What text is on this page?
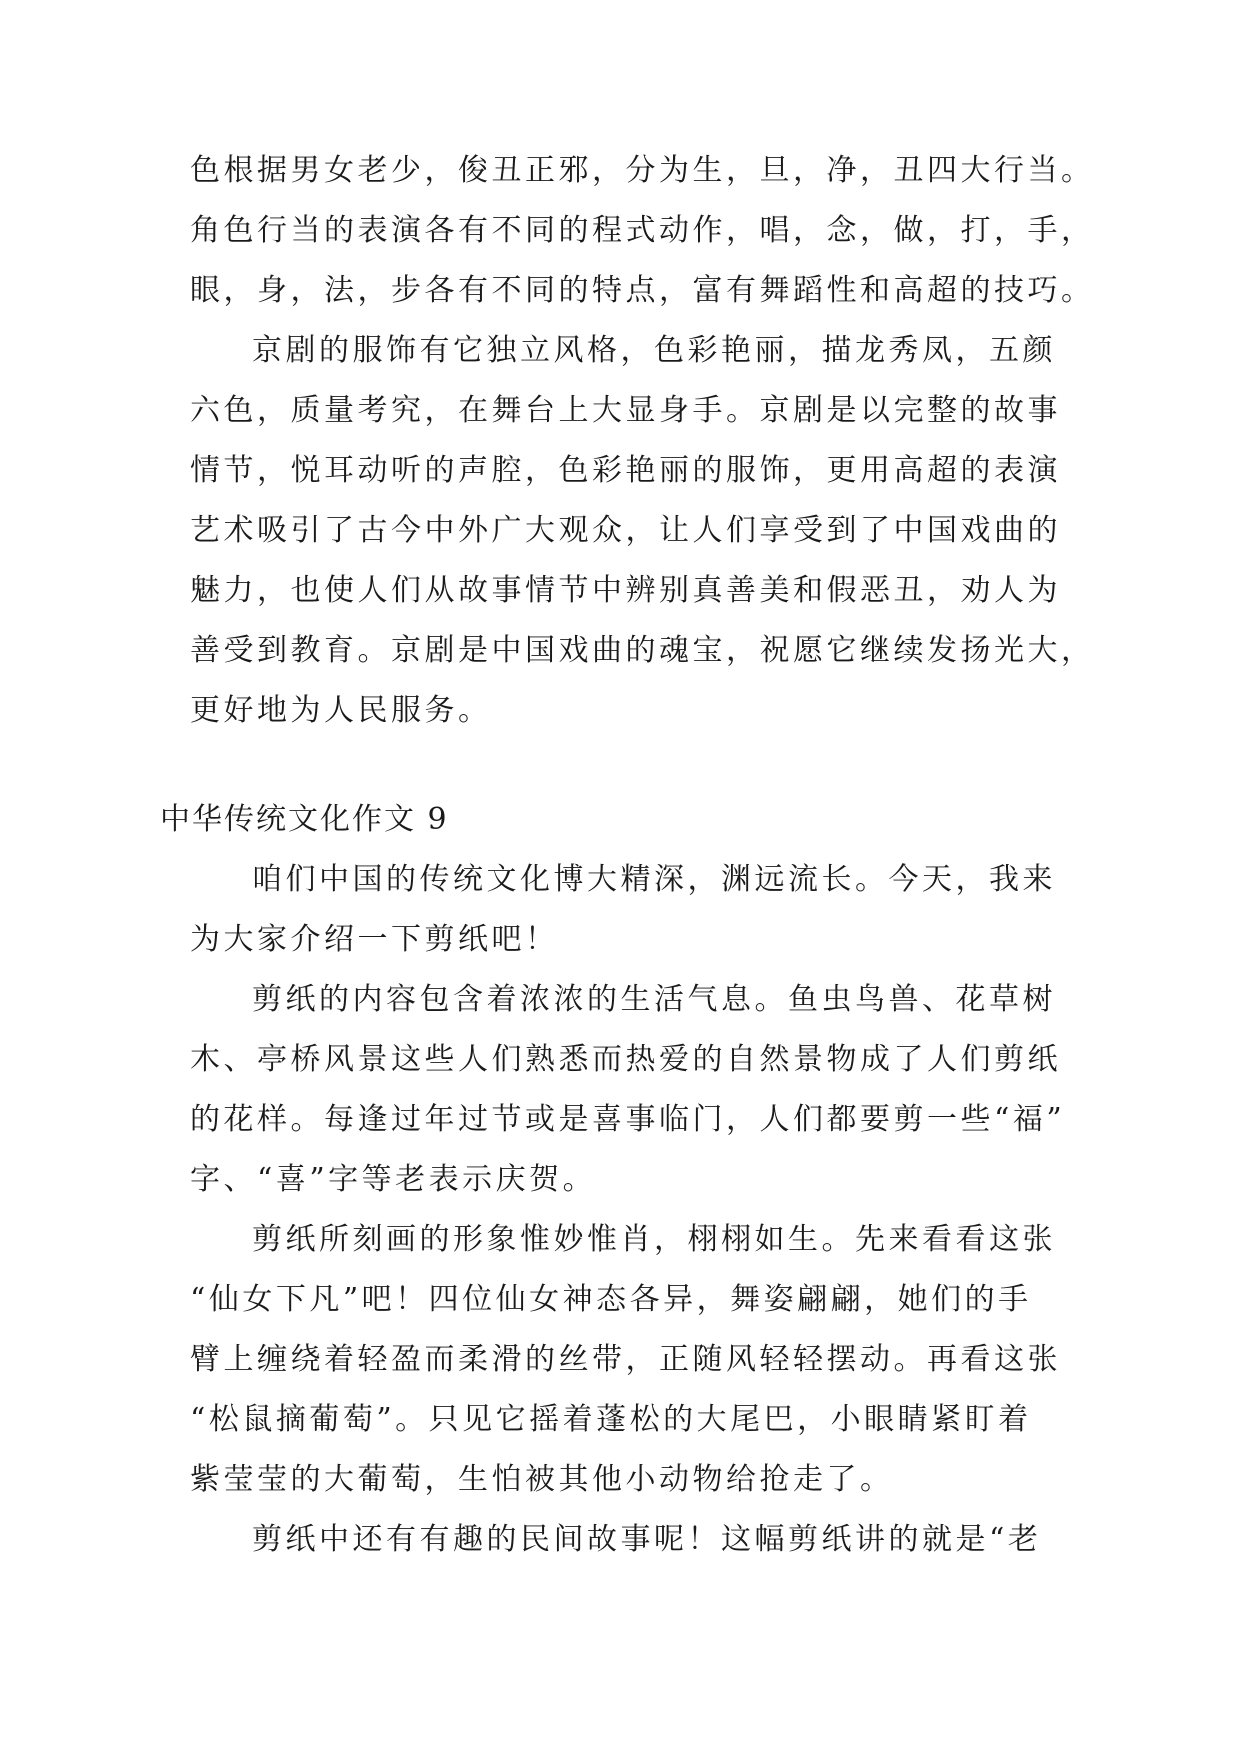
色根据男女老少，俊丑正邪，分为生，旦，净，丑四大行当。
角色行当的表演各有不同的程式动作，唱，念，做，打，手，
眼，身，法，步各有不同的特点，富有舞蹈性和高超的技巧。
京剧的服饰有它独立风格，色彩艳丽，描龙秀凤，五颜
六色，质量考究，在舞台上大显身手。京剧是以完整的故事
情节，悦耳动听的声腔，色彩艳丽的服饰，更用高超的表演
艺术吸引了古今中外广大观众，让人们享受到了中国戏曲的
魅力，也使人们从故事情节中辨别真善美和假恶丑，劝人为
善受到教育。京剧是中国戏曲的魂宝，祝愿它继续发扬光大，
更好地为人民服务。
中华传统文化作文 9
咱们中国的传统文化博大精深，渊远流长。今天，我来
为大家介绍一下剪纸吧！
剪纸的内容包含着浓浓的生活气息。鱼虫鸟兽、花草树
木、亭桥风景这些人们熟悉而热爱的自然景物成了人们剪纸
的花样。每逢过年过节或是喜事临门，人们都要剪一些“福”
字、“喜”字等老表示庆贺。
剪纸所刻画的形象惟妙惟肖，栩栩如生。先来看看这张
“仙女下凡”吧！四位仙女神态各异，舞姿翩翩，她们的手
臂上缠绕着轻盈而柔滑的丝带，正随风轻轻摆动。再看这张
“松鼠摘葡萄”。只见它摇着蓬松的大尾巴，小眼睛紧盯着
紫莹莹的大葡萄，生怕被其他小动物给抢走了。
剪纸中还有有趣的民间故事呢！这幅剪纸讲的就是“老
